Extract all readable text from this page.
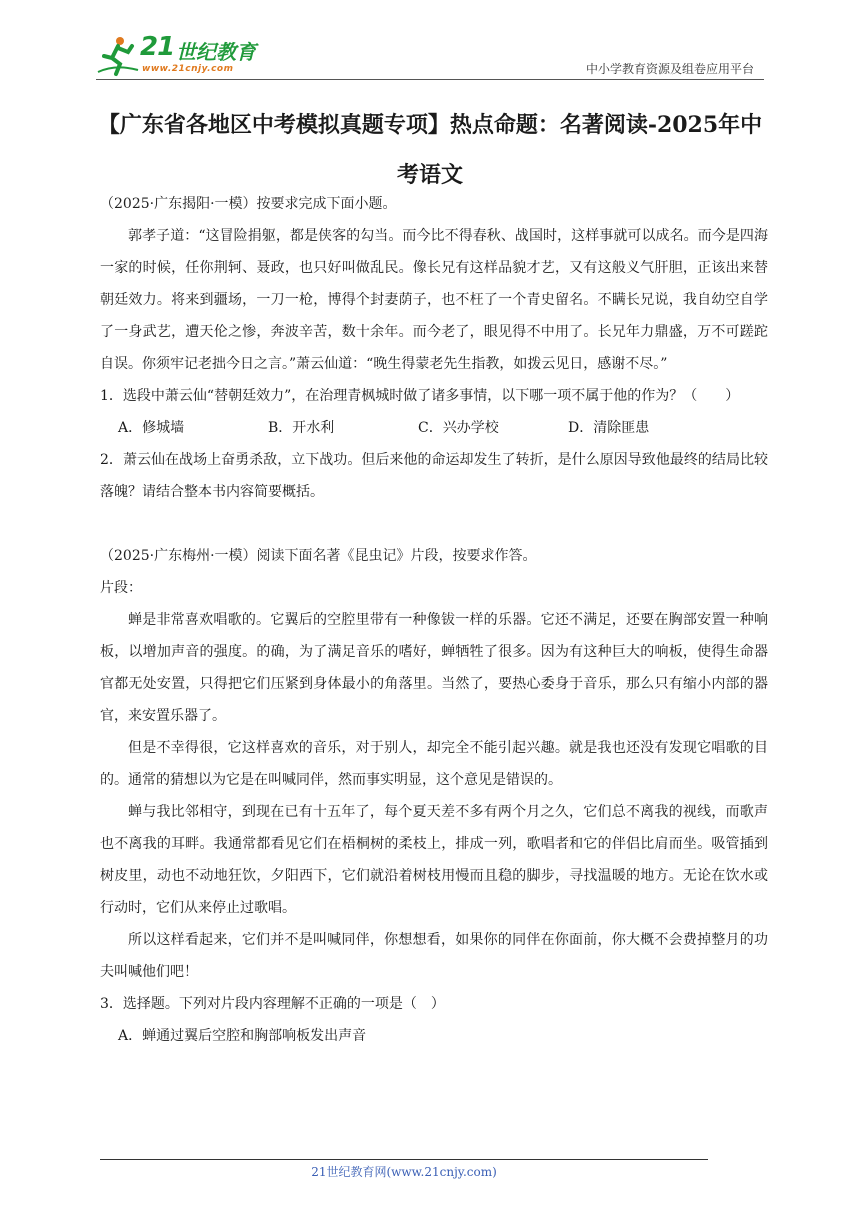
21 世纪教育
www.21cnjy.com	中小学教育资源及组卷应用平台
【广东省各地区中考模拟真题专项】热点命题：名著阅读-2025年中考语文

（2025·广东揭阳·一模）按要求完成下面小题。

郭孝子道：“这冒险捐躯，都是侠客的勾当。而今比不得春秋、战国时，这样事就可以成名。而今是四海一家的时候，任你荆轲、聂政，也只好叫做乱民。像长兄有这样品貌才艺，又有这般义气肝胆，正该出来替朝廷效力。将来到疆场，一刀一枪，博得个封妻荫子，也不枉了一个青史留名。不瞒长兄说，我自幼空自学了一身武艺，遭天伦之惨，奔波辛苦，数十余年。而今老了，眼见得不中用了。长兄年力鼎盛，万不可蹉跎自误。你须牢记老拙今日之言。”萧云仙道：“晚生得蒙老先生指教，如拨云见日，感谢不尽。”

1．选段中萧云仙“替朝廷效力”，在治理青枫城时做了诸多事情，以下哪一项不属于他的作为？（　　）

A．修城墙	B．开水利	C．兴办学校	D．清除匪患

2．萧云仙在战场上奋勇杀敌，立下战功。但后来他的命运却发生了转折，是什么原因导致他最终的结局比较落魄？请结合整本书内容简要概括。

（2025·广东梅州·一模）阅读下面名著《昆虫记》片段，按要求作答。

片段：

蝉是非常喜欢唱歌的。它翼后的空腔里带有一种像钹一样的乐器。它还不满足，还要在胸部安置一种响板，以增加声音的强度。的确，为了满足音乐的嗜好，蝉牺牲了很多。因为有这种巨大的响板，使得生命器官都无处安置，只得把它们压紧到身体最小的角落里。当然了，要热心委身于音乐，那么只有缩小内部的器官，来安置乐器了。

但是不幸得很，它这样喜欢的音乐，对于别人，却完全不能引起兴趣。就是我也还没有发现它唱歌的目的。通常的猜想以为它是在叫喊同伴，然而事实明显，这个意见是错误的。

蝉与我比邻相守，到现在已有十五年了，每个夏天差不多有两个月之久，它们总不离我的视线，而歌声也不离我的耳畔。我通常都看见它们在梧桐树的柔枝上，排成一列，歌唱者和它的伴侣比肩而坐。吸管插到树皮里，动也不动地狂饮，夕阳西下，它们就沿着树枝用慢而且稳的脚步，寻找温暖的地方。无论在饮水或行动时，它们从来停止过歌唱。

所以这样看起来，它们并不是叫喊同伴，你想想看，如果你的同伴在你面前，你大概不会费掉整月的功夫叫喊他们吧！

3．选择题。下列对片段内容理解不正确的一项是（　）

A．蝉通过翼后空腔和胸部响板发出声音

21世纪教育网(www.21cnjy.com)
